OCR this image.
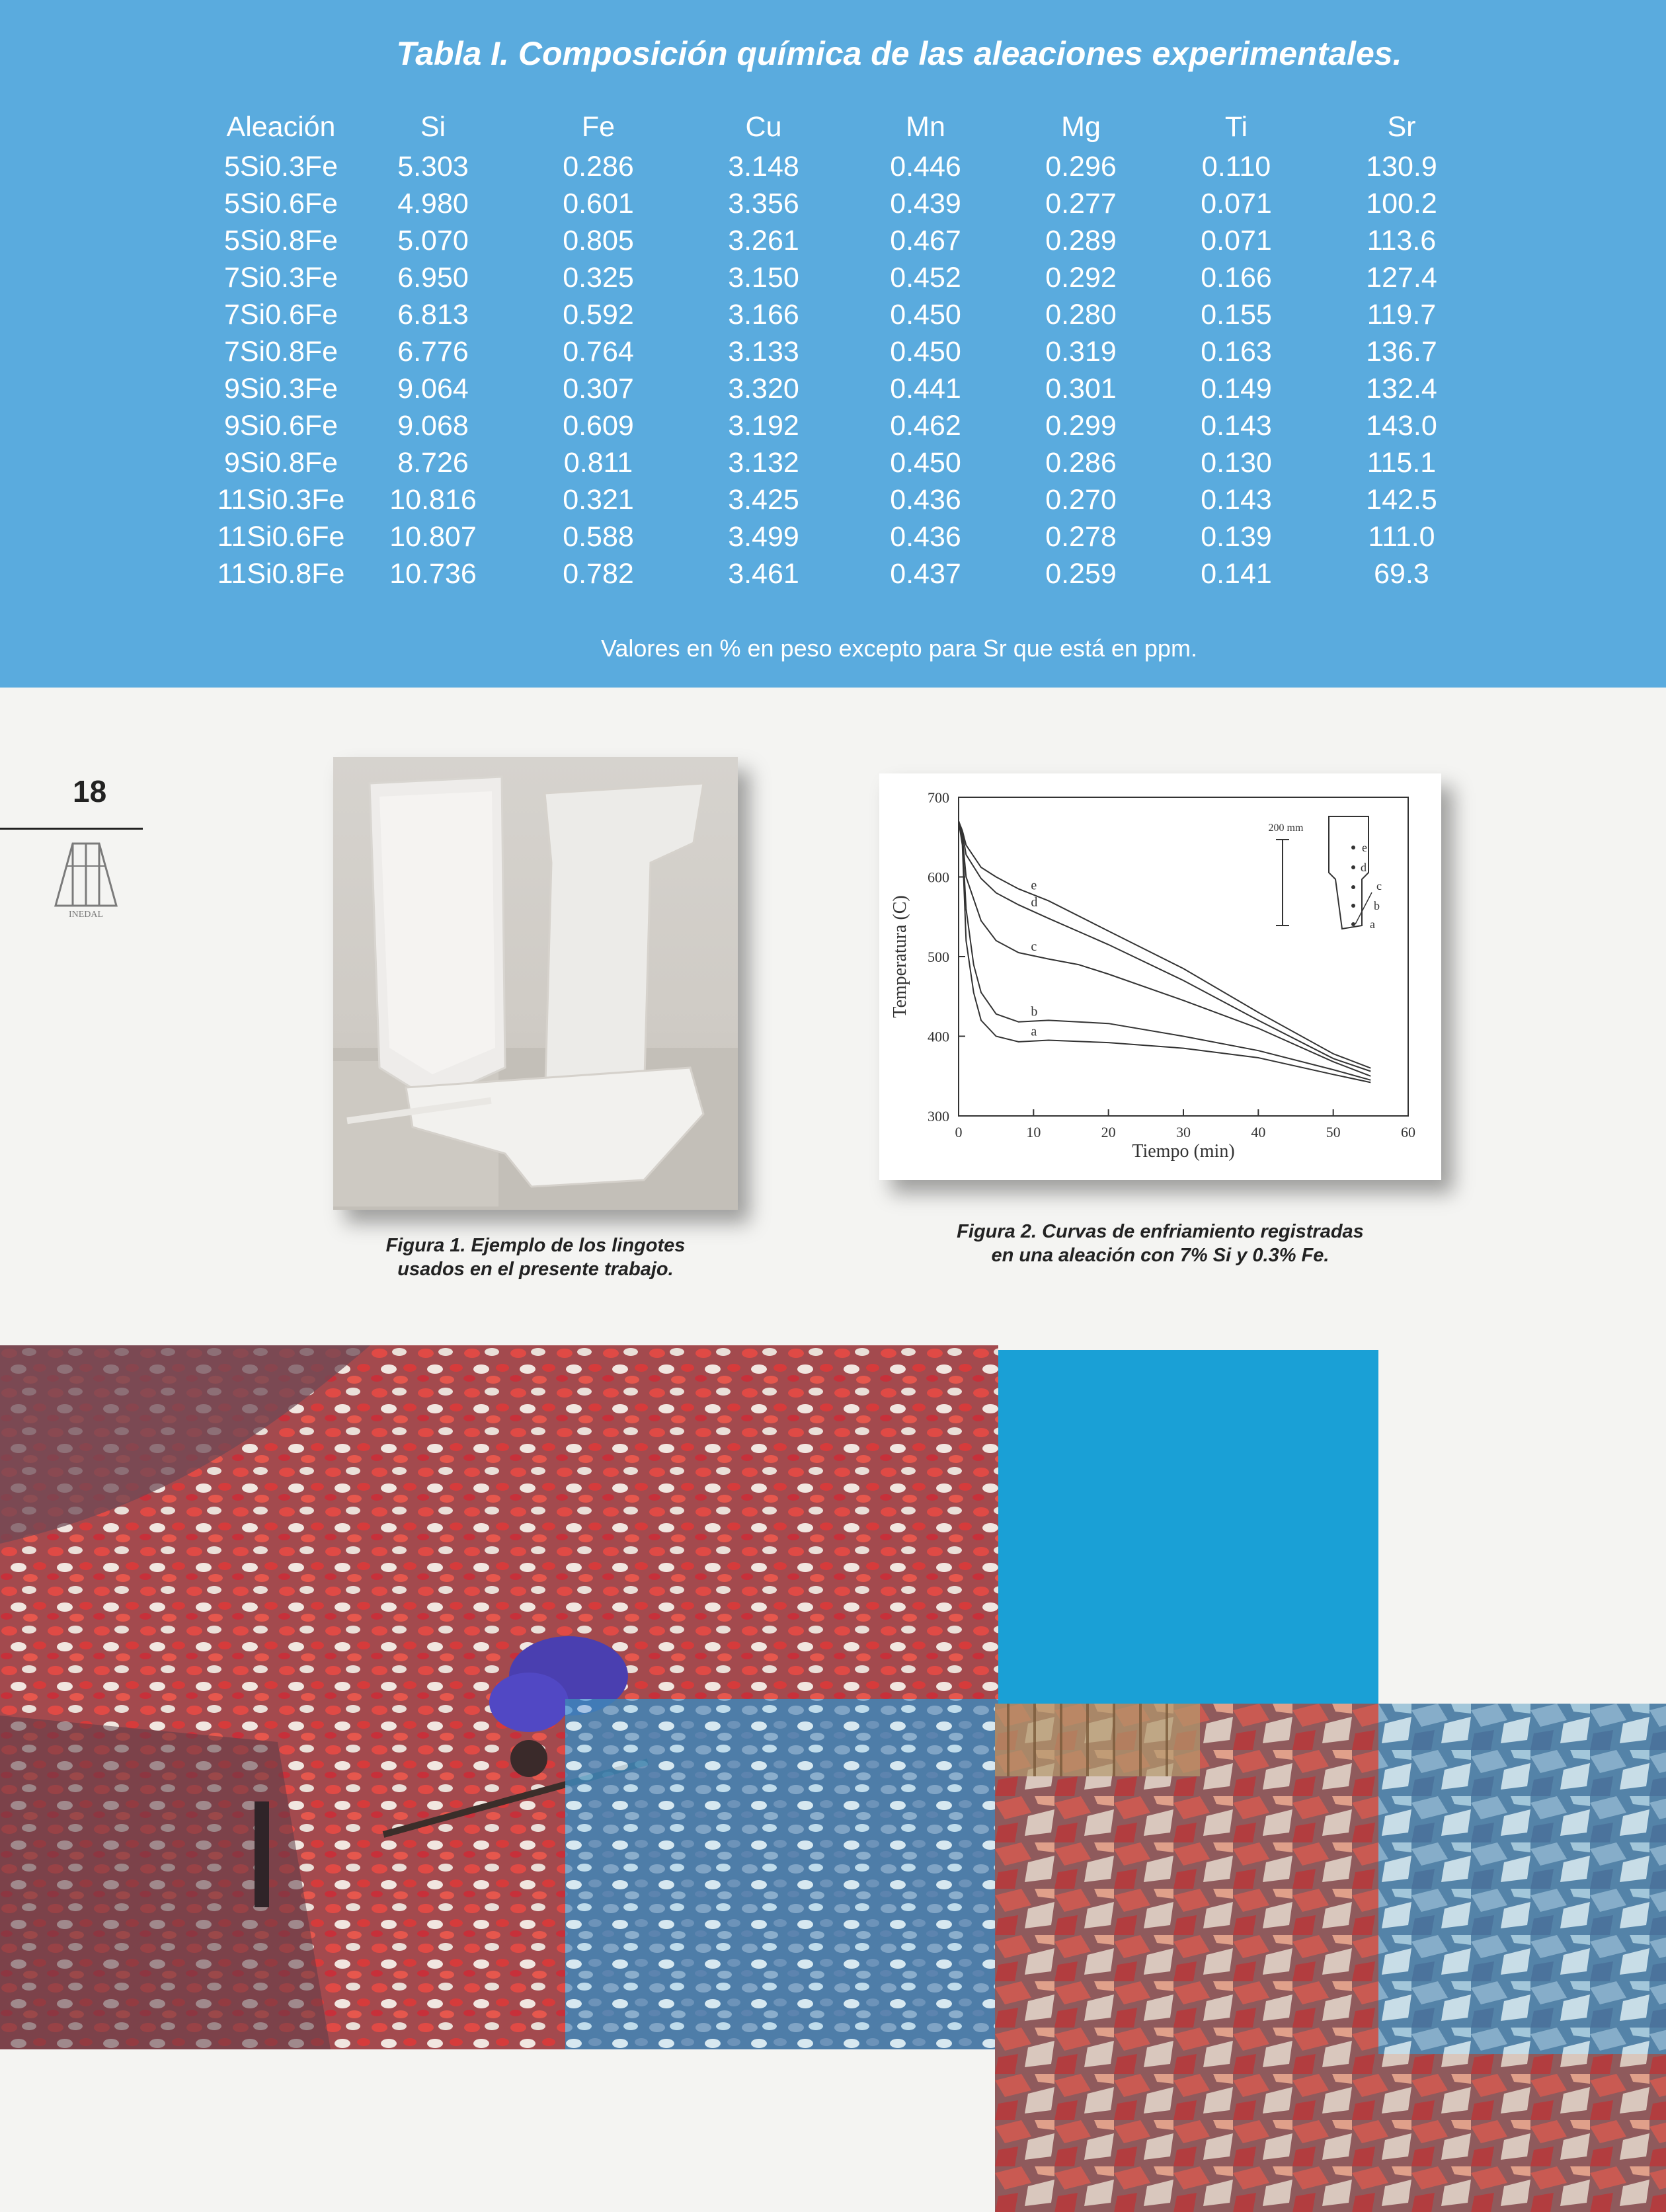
Tabla I. Composición química de las aleaciones experimentales.
Aleación	Si	Fe	Cu	Mn	Mg	Ti	Sr
5Si0.3Fe	5.303	0.286	3.148	0.446	0.296	0.110	130.9
5Si0.6Fe	4.980	0.601	3.356	0.439	0.277	0.071	100.2
5Si0.8Fe	5.070	0.805	3.261	0.467	0.289	0.071	113.6
7Si0.3Fe	6.950	0.325	3.150	0.452	0.292	0.166	127.4
7Si0.6Fe	6.813	0.592	3.166	0.450	0.280	0.155	119.7
7Si0.8Fe	6.776	0.764	3.133	0.450	0.319	0.163	136.7
9Si0.3Fe	9.064	0.307	3.320	0.441	0.301	0.149	132.4
9Si0.6Fe	9.068	0.609	3.192	0.462	0.299	0.143	143.0
9Si0.8Fe	8.726	0.811	3.132	0.450	0.286	0.130	115.1
11Si0.3Fe	10.816	0.321	3.425	0.436	0.270	0.143	142.5
11Si0.6Fe	10.807	0.588	3.499	0.436	0.278	0.139	111.0
11Si0.8Fe	10.736	0.782	3.461	0.437	0.259	0.141	69.3
Valores en % en peso excepto para Sr que está en ppm.
18
INEDAL
Figura 1. Ejemplo de los lingotes
usados en el presente trabajo.
0	10	20	30	40	50	60
300
400
500
600
700
a
b
c
d
e
Tiempo (min)
Temperatura (C)
200 mm
e
d
c
b
a
Figura 2. Curvas de enfriamiento registradas
en una aleación con 7% Si y 0.3% Fe.
